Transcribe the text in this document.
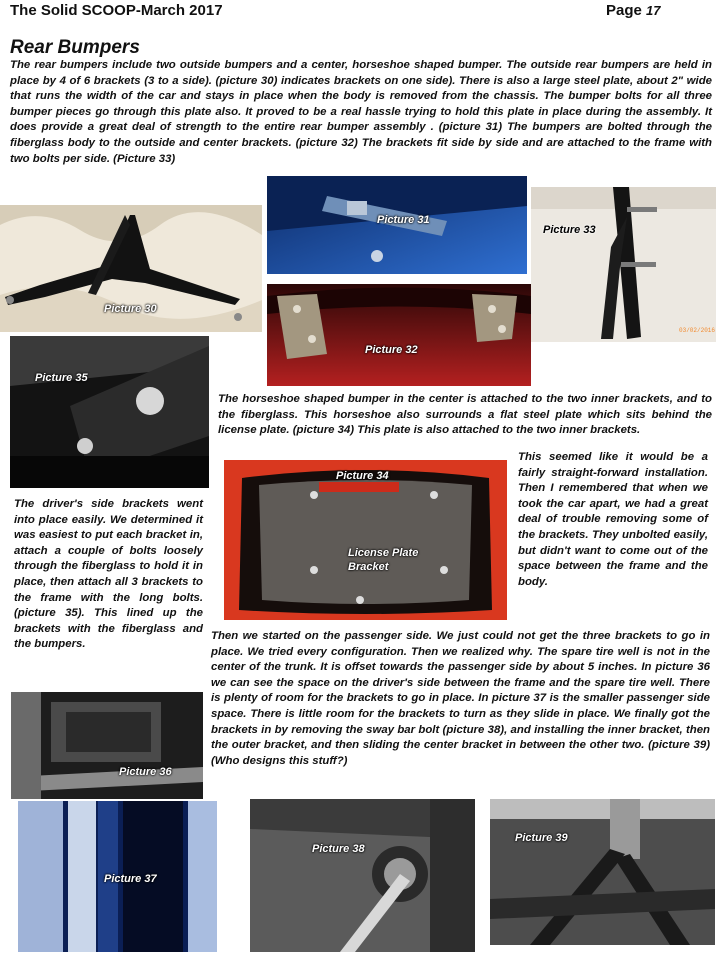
The Solid SCOOP-March 2017	Page 17
Rear Bumpers

The rear bumpers include two outside bumpers and a center, horseshoe shaped bumper. The outside rear bumpers are held in place by 4 of 6 brackets (3 to a side). (picture 30) indicates brackets on one side). There is also a large steel plate, about 2" wide that runs the width of the car and stays in place when the body is removed from the chassis. The bumper bolts for all three bumper pieces go through this plate also. It proved to be a real hassle trying to hold this plate in place during the assembly. It does provide a great deal of strength to the entire rear bumper assembly . (picture 31) The bumpers are bolted through the fiberglass body to the outside and center brackets. (picture 32) The brackets fit side by side and are attached to the frame with two bolts per side. (Picture 33)

Picture 30
Picture 31
Picture 33
03/02/2016
Picture 32
Picture 35

The horseshoe shaped bumper in the center is attached to the two inner brackets, and to the fiberglass. This horseshoe also surrounds a flat steel plate which sits behind the license plate. (picture 34) This plate is also attached to the two inner brackets.

Picture 34
License Plate
Bracket

This seemed like it would be a fairly straight-forward installation. Then I remembered that when we took the car apart, we had a great deal of trouble removing some of the brackets. They unbolted easily, but didn't want to come out of the space between the frame and the body.

The driver's side brackets went into place easily. We determined it was easiest to put each bracket in, attach a couple of bolts loosely through the fiberglass to hold it in place, then attach all 3 brackets to the frame with the long bolts. (picture 35). This lined up the brackets with the fiberglass and the bumpers.

Then we started on the passenger side. We just could not get the three brackets to go in place. We tried every configuration. Then we realized why. The spare tire well is not in the center of the trunk. It is offset towards the passenger side by about 5 inches. In picture 36 we can see the space on the driver's side between the frame and the spare tire well. There is plenty of room for the brackets to go in place. In picture 37 is the smaller passenger side space. There is little room for the brackets to turn as they slide in place. We finally got the brackets in by removing the sway bar bolt (picture 38), and installing the inner bracket, then the outer bracket, and then sliding the center bracket in between the other two. (picture 39) (Who designs this stuff?)

Picture 36
Picture 37
Picture 38
Picture 39
